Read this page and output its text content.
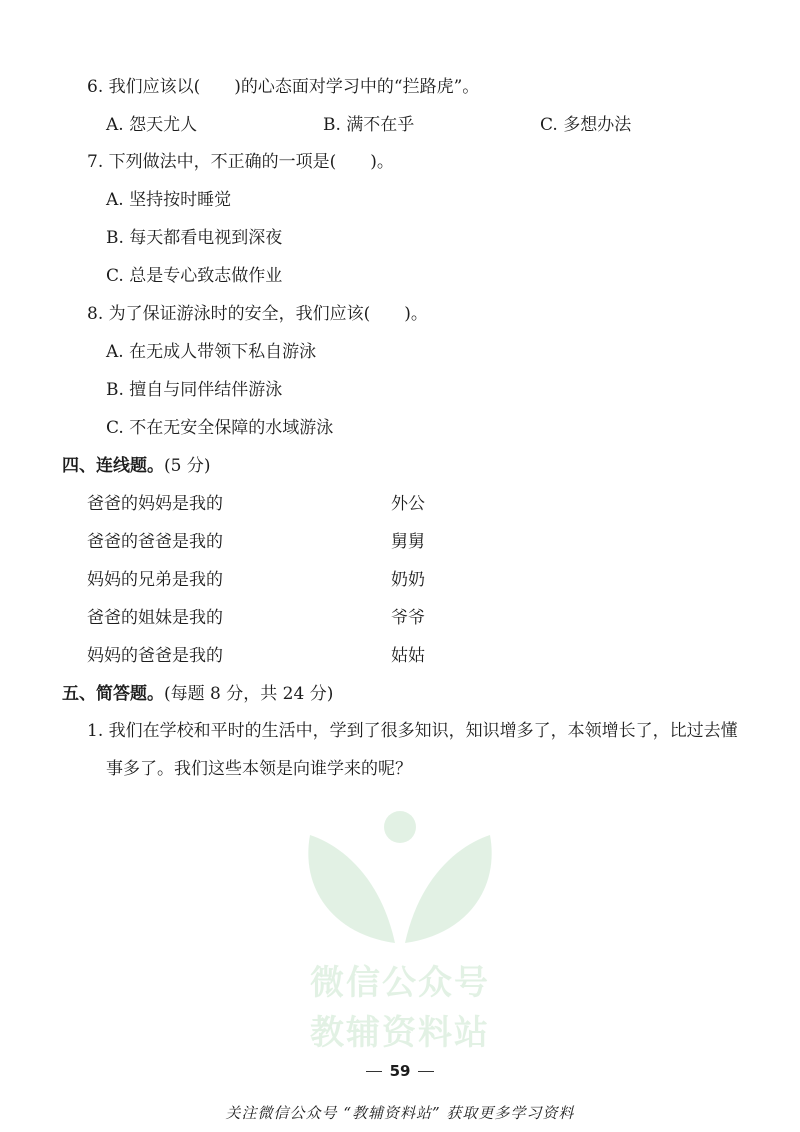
6. 我们应该以(　　)的心态面对学习中的“拦路虎”。
A. 怨天尤人	B. 满不在乎	C. 多想办法
7. 下列做法中，不正确的一项是(　　)。
A. 坚持按时睡觉
B. 每天都看电视到深夜
C. 总是专心致志做作业
8. 为了保证游泳时的安全，我们应该(　　)。
A. 在无成人带领下私自游泳
B. 擅自与同伴结伴游泳
C. 不在无安全保障的水域游泳
四、连线题。(5 分)
爸爸的妈妈是我的
爸爸的爸爸是我的
妈妈的兄弟是我的
爸爸的姐妹是我的
妈妈的爸爸是我的
外公
舅舅
奶奶
爷爷
姑姑
五、简答题。(每题 8 分，共 24 分)
1. 我们在学校和平时的生活中，学到了很多知识，知识增多了，本领增长了，比过去懂
事多了。我们这些本领是向谁学来的呢？
微信公众号
教辅资料站
59
关注微信公众号 “教辅资料站” 获取更多学习资料
